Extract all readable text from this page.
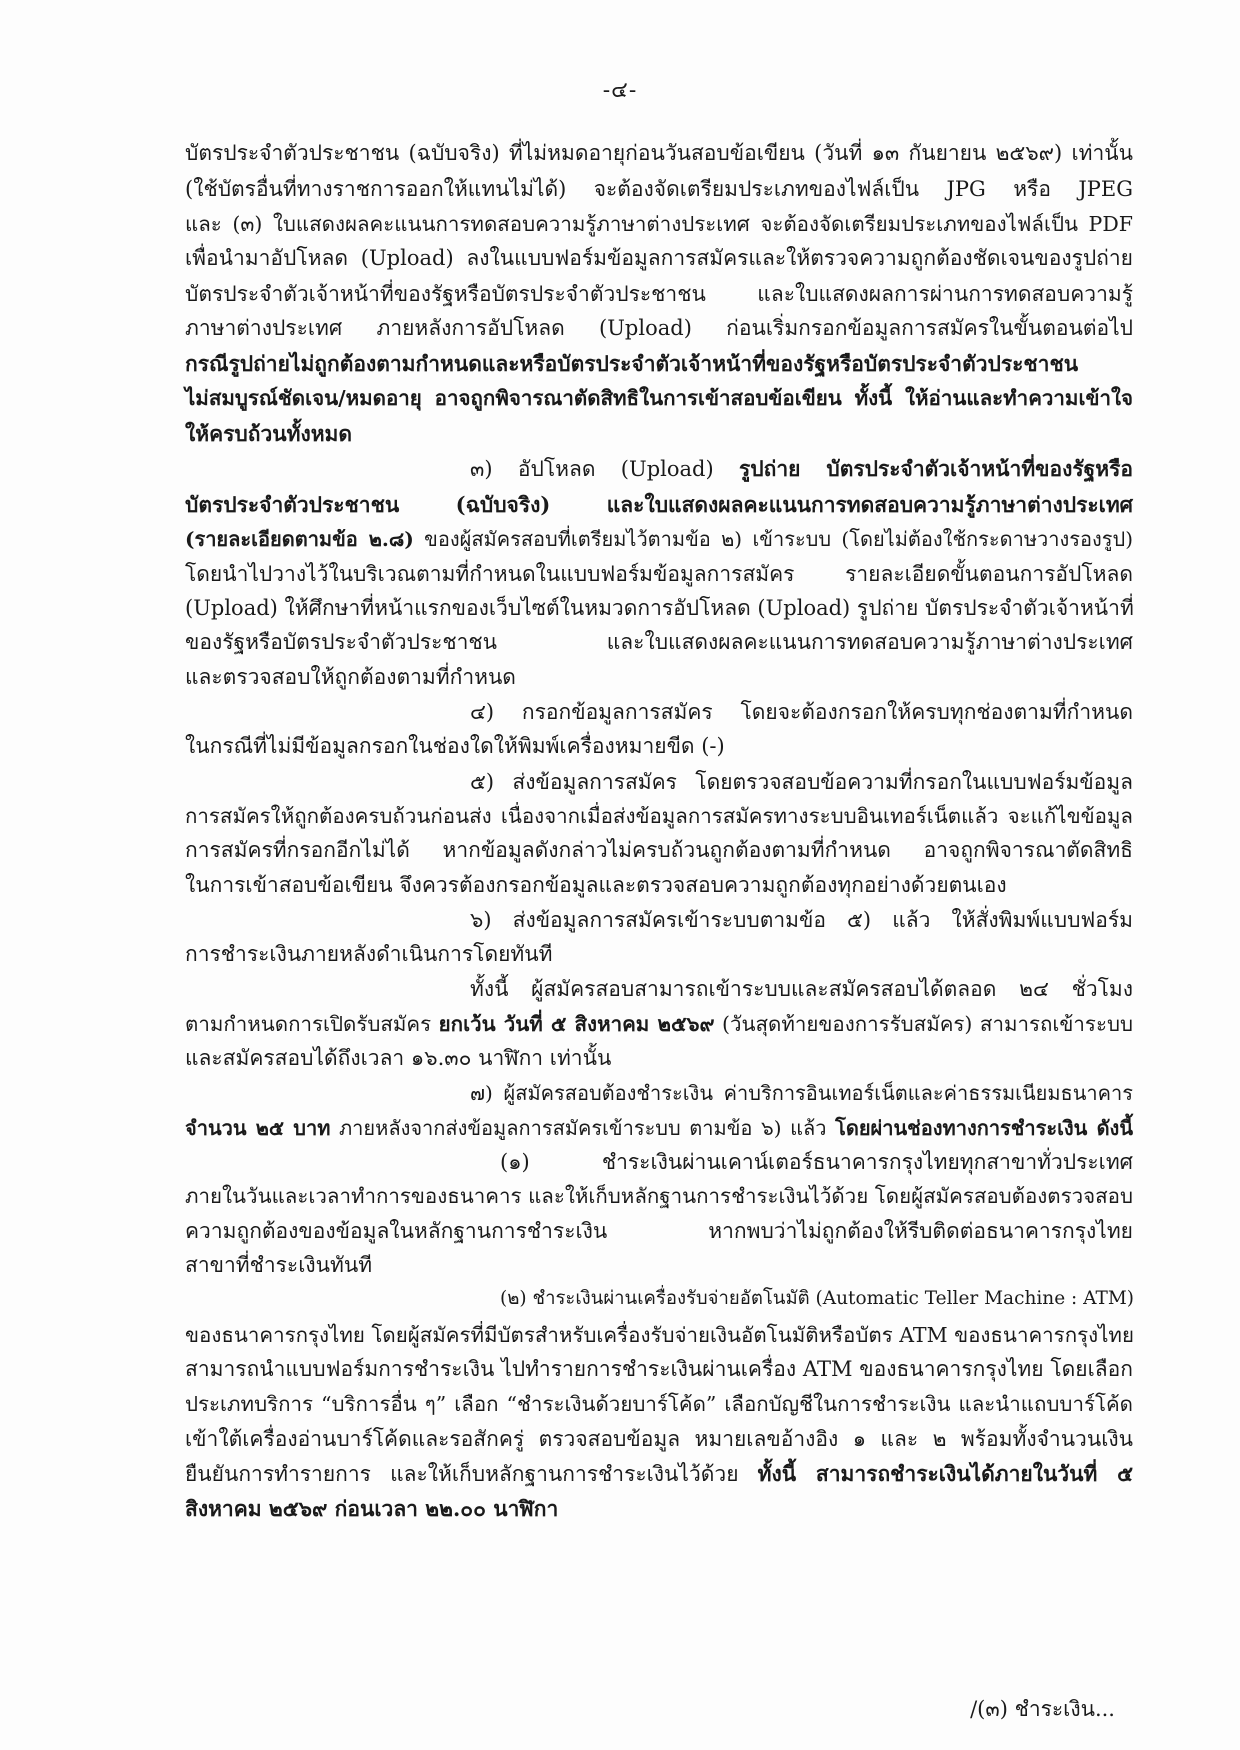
-๔-
บัตรประจำตัวประชาชน (ฉบับจริง) ที่ไม่หมดอายุก่อนวันสอบข้อเขียน (วันที่ ๑๓ กันยายน ๒๕๖๙) เท่านั้น
(ใช้บัตรอื่นที่ทางราชการออกให้แทนไม่ได้) จะต้องจัดเตรียมประเภทของไฟล์เป็น JPG หรือ JPEG
และ (๓) ใบแสดงผลคะแนนการทดสอบความรู้ภาษาต่างประเทศ จะต้องจัดเตรียมประเภทของไฟล์เป็น PDF
เพื่อนำมาอัปโหลด (Upload) ลงในแบบฟอร์มข้อมูลการสมัครและให้ตรวจความถูกต้องชัดเจนของรูปถ่าย
บัตรประจำตัวเจ้าหน้าที่ของรัฐหรือบัตรประจำตัวประชาชน และใบแสดงผลการผ่านการทดสอบความรู้
ภาษาต่างประเทศ ภายหลังการอัปโหลด (Upload) ก่อนเริ่มกรอกข้อมูลการสมัครในขั้นตอนต่อไป
กรณีรูปถ่ายไม่ถูกต้องตามกำหนดและหรือบัตรประจำตัวเจ้าหน้าที่ของรัฐหรือบัตรประจำตัวประชาชน
ไม่สมบูรณ์ชัดเจน/หมดอายุ อาจถูกพิจารณาตัดสิทธิในการเข้าสอบข้อเขียน ทั้งนี้ ให้อ่านและทำความเข้าใจ
ให้ครบถ้วนทั้งหมด
๓) อัปโหลด (Upload) รูปถ่าย บัตรประจำตัวเจ้าหน้าที่ของรัฐหรือ
บัตรประจำตัวประชาชน (ฉบับจริง) และใบแสดงผลคะแนนการทดสอบความรู้ภาษาต่างประเทศ
(รายละเอียดตามข้อ ๒.๘) ของผู้สมัครสอบที่เตรียมไว้ตามข้อ ๒) เข้าระบบ (โดยไม่ต้องใช้กระดาษวางรองรูป)
โดยนำไปวางไว้ในบริเวณตามที่กำหนดในแบบฟอร์มข้อมูลการสมัคร รายละเอียดขั้นตอนการอัปโหลด
(Upload) ให้ศึกษาที่หน้าแรกของเว็บไซต์ในหมวดการอัปโหลด (Upload) รูปถ่าย บัตรประจำตัวเจ้าหน้าที่
ของรัฐหรือบัตรประจำตัวประชาชน และใบแสดงผลคะแนนการทดสอบความรู้ภาษาต่างประเทศ
และตรวจสอบให้ถูกต้องตามที่กำหนด
๔) กรอกข้อมูลการสมัคร โดยจะต้องกรอกให้ครบทุกช่องตามที่กำหนด
ในกรณีที่ไม่มีข้อมูลกรอกในช่องใดให้พิมพ์เครื่องหมายขีด (-)
๕) ส่งข้อมูลการสมัคร โดยตรวจสอบข้อความที่กรอกในแบบฟอร์มข้อมูล
การสมัครให้ถูกต้องครบถ้วนก่อนส่ง เนื่องจากเมื่อส่งข้อมูลการสมัครทางระบบอินเทอร์เน็ตแล้ว จะแก้ไขข้อมูล
การสมัครที่กรอกอีกไม่ได้ หากข้อมูลดังกล่าวไม่ครบถ้วนถูกต้องตามที่กำหนด อาจถูกพิจารณาตัดสิทธิ
ในการเข้าสอบข้อเขียน จึงควรต้องกรอกข้อมูลและตรวจสอบความถูกต้องทุกอย่างด้วยตนเอง
๖) ส่งข้อมูลการสมัครเข้าระบบตามข้อ ๕) แล้ว ให้สั่งพิมพ์แบบฟอร์ม
การชำระเงินภายหลังดำเนินการโดยทันที
ทั้งนี้ ผู้สมัครสอบสามารถเข้าระบบและสมัครสอบได้ตลอด ๒๔ ชั่วโมง
ตามกำหนดการเปิดรับสมัคร ยกเว้น วันที่ ๕ สิงหาคม ๒๕๖๙ (วันสุดท้ายของการรับสมัคร) สามารถเข้าระบบ
และสมัครสอบได้ถึงเวลา ๑๖.๓๐ นาฬิกา เท่านั้น
๗) ผู้สมัครสอบต้องชำระเงิน ค่าบริการอินเทอร์เน็ตและค่าธรรมเนียมธนาคาร
จำนวน ๒๕ บาท ภายหลังจากส่งข้อมูลการสมัครเข้าระบบ ตามข้อ ๖) แล้ว โดยผ่านช่องทางการชำระเงิน ดังนี้
(๑) ชำระเงินผ่านเคาน์เตอร์ธนาคารกรุงไทยทุกสาขาทั่วประเทศ
ภายในวันและเวลาทำการของธนาคาร และให้เก็บหลักฐานการชำระเงินไว้ด้วย โดยผู้สมัครสอบต้องตรวจสอบ
ความถูกต้องของข้อมูลในหลักฐานการชำระเงิน หากพบว่าไม่ถูกต้องให้รีบติดต่อธนาคารกรุงไทย
สาขาที่ชำระเงินทันที
(๒) ชำระเงินผ่านเครื่องรับจ่ายอัตโนมัติ (Automatic Teller Machine : ATM)
ของธนาคารกรุงไทย โดยผู้สมัครที่มีบัตรสำหรับเครื่องรับจ่ายเงินอัตโนมัติหรือบัตร ATM ของธนาคารกรุงไทย
สามารถนำแบบฟอร์มการชำระเงิน ไปทำรายการชำระเงินผ่านเครื่อง ATM ของธนาคารกรุงไทย โดยเลือก
ประเภทบริการ “บริการอื่น ๆ” เลือก “ชำระเงินด้วยบาร์โค้ด” เลือกบัญชีในการชำระเงิน และนำแถบบาร์โค้ด
เข้าใต้เครื่องอ่านบาร์โค้ดและรอสักครู่ ตรวจสอบข้อมูล หมายเลขอ้างอิง ๑ และ ๒ พร้อมทั้งจำนวนเงิน
ยืนยันการทำรายการ และให้เก็บหลักฐานการชำระเงินไว้ด้วย ทั้งนี้ สามารถชำระเงินได้ภายในวันที่ ๕
สิงหาคม ๒๕๖๙ ก่อนเวลา ๒๒.๐๐ นาฬิกา
/(๓) ชำระเงิน...
